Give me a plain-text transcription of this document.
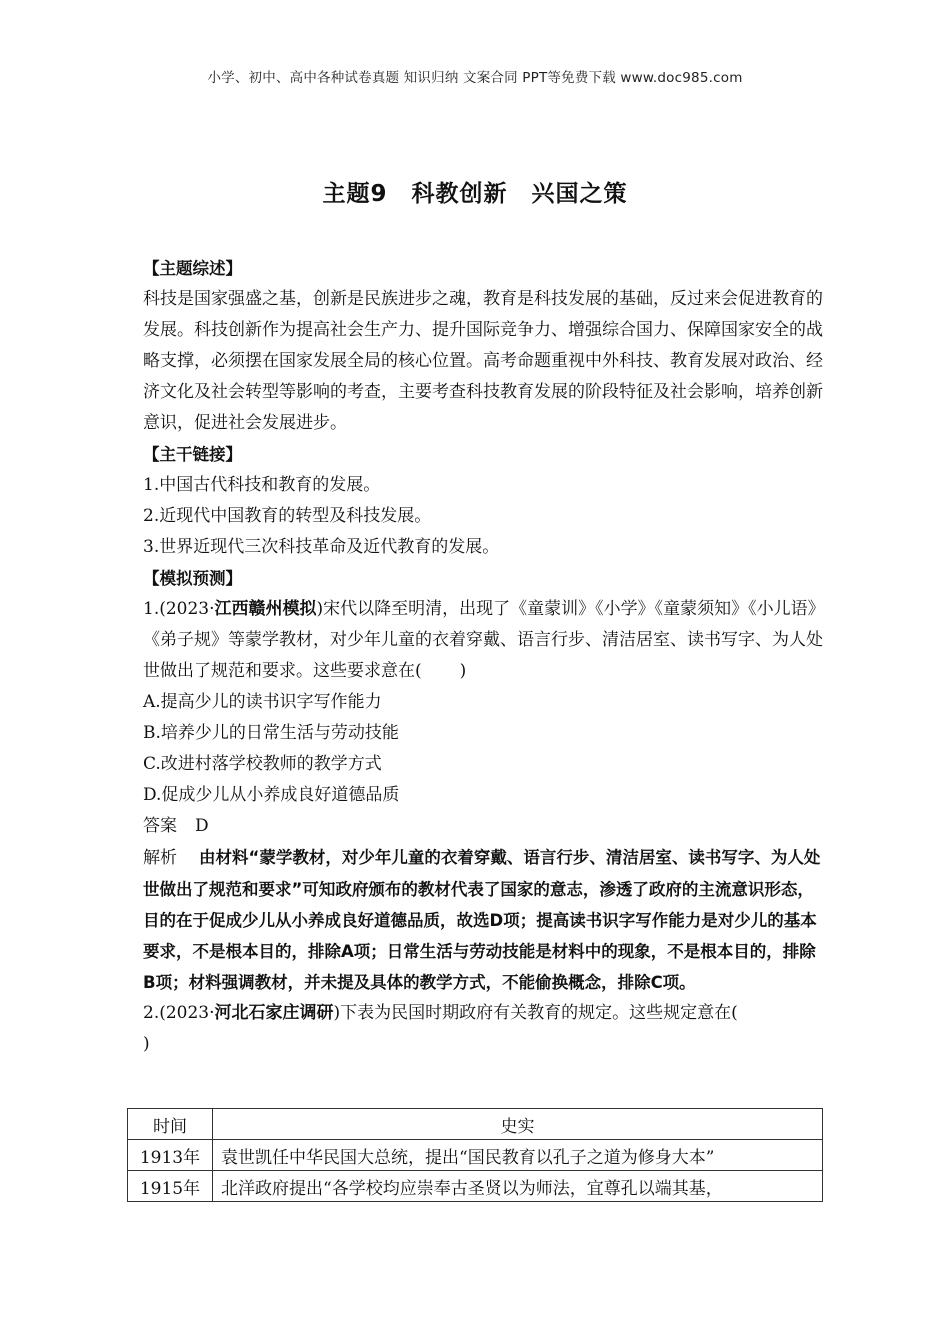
小学、初中、高中各种试卷真题 知识归纳 文案合同 PPT等免费下载 www.doc985.com
主题9　科教创新　兴国之策

【主题综述】

科技是国家强盛之基，创新是民族进步之魂，教育是科技发展的基础，反过来会促进教育的发展。科技创新作为提高社会生产力、提升国际竞争力、增强综合国力、保障国家安全的战略支撑，必须摆在国家发展全局的核心位置。高考命题重视中外科技、教育发展对政治、经济文化及社会转型等影响的考查，主要考查科技教育发展的阶段特征及社会影响，培养创新意识，促进社会发展进步。

【主干链接】

1.中国古代科技和教育的发展。

2.近现代中国教育的转型及科技发展。

3.世界近现代三次科技革命及近代教育的发展。

【模拟预测】

1.(2023·江西赣州模拟)宋代以降至明清，出现了《童蒙训》《小学》《童蒙须知》《小儿语》《弟子规》等蒙学教材，对少年儿童的衣着穿戴、语言行步、清洁居室、读书写字、为人处世做出了规范和要求。这些要求意在( )

A.提高少儿的读书识字写作能力

B.培养少儿的日常生活与劳动技能

C.改进村落学校教师的教学方式

D.促成少儿从小养成良好道德品质

答案 D

解析 由材料“蒙学教材，对少年儿童的衣着穿戴、语言行步、清洁居室、读书写字、为人处世做出了规范和要求”可知政府颁布的教材代表了国家的意志，渗透了政府的主流意识形态，目的在于促成少儿从小养成良好道德品质，故选D项；提高读书识字写作能力是对少儿的基本要求，不是根本目的，排除A项；日常生活与劳动技能是材料中的现象，不是根本目的，排除B项；材料强调教材，并未提及具体的教学方式，不能偷换概念，排除C项。

2.(2023·河北石家庄调研)下表为民国时期政府有关教育的规定。这些规定意在(
)

时间	史实
1913年	袁世凯任中华民国大总统，提出“国民教育以孔子之道为修身大本”
1915年	北洋政府提出“各学校均应崇奉古圣贤以为师法，宜尊孔以端其基，
